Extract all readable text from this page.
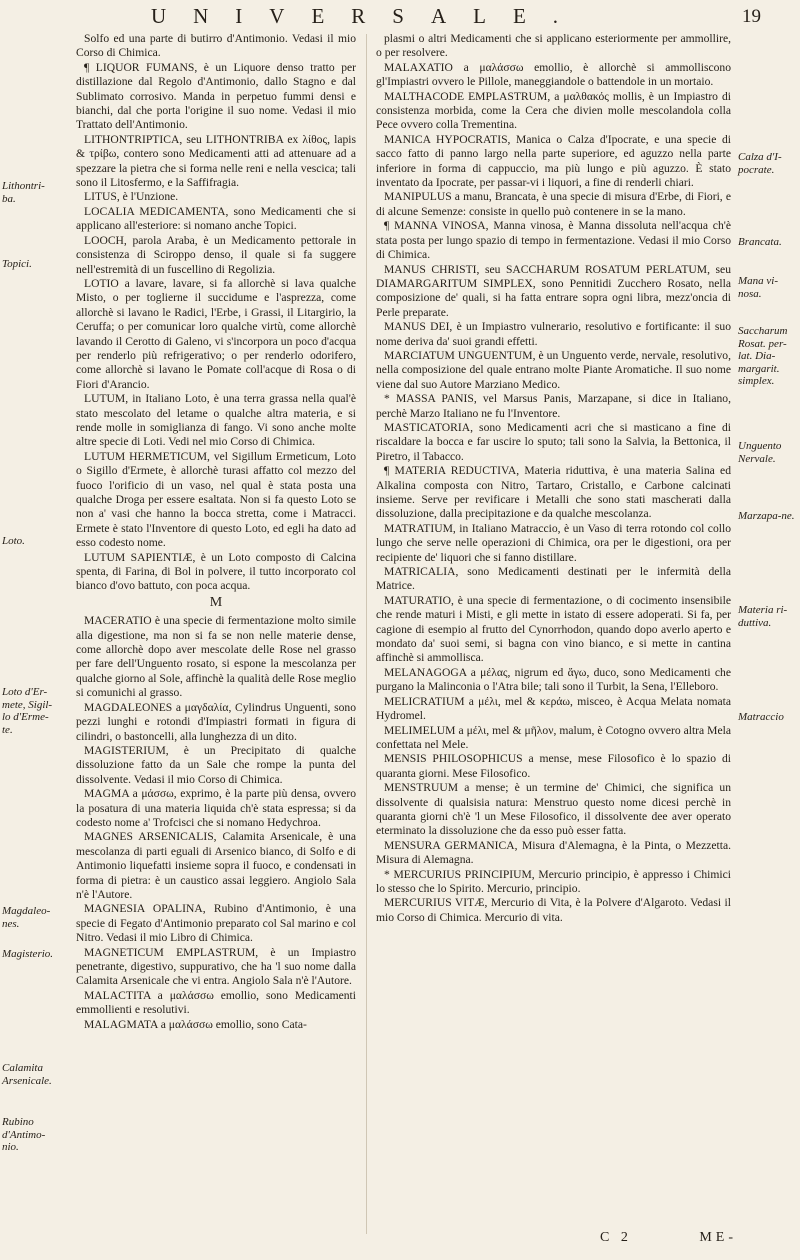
UNIVERSALE.	19
Lithontri-ba.
Topici.
Loto.
Loto d'Er-mete, Sigil-lo d'Erme-te.
Magdaleo-nes.
Magisterio.
Calamita Arsenicale.
Rubino d'Antimo-nio.
Calza d'I-pocrate.
Brancata.
Mana vi-nosa.
Saccharum Rosat. per-lat. Dia-margarit. simplex.
Unguento Nervale.
Marzapa-ne.
Materia ri-duttiva.
Matraccio

Solfo ed una parte di butirro d'Antimonio. Vedasi il mio Corso di Chimica.

¶ LIQUOR FUMANS, è un Liquore denso tratto per distillazione dal Regolo d'Antimonio, dallo Stagno e dal Sublimato corrosivo. Manda in perpetuo fummi densi e bianchi, dal che porta l'origine il suo nome. Vedasi il mio Trattato dell'Antimonio.

LITHONTRIPTICA, seu LITHONTRIBA ex λίθος, lapis & τρίβω, contero sono Medicamenti atti ad attenuare ad a spezzare la pietra che si forma nelle reni e nella vescica; tali sono il Litosfermo, e la Saffifragia.

LITUS, è l'Unzione.

LOCALIA MEDICAMENTA, sono Medicamenti che si applicano all'esteriore: si nomano anche Topici.

LOOCH, parola Araba, è un Medicamento pettorale in consistenza di Sciroppo denso, il quale si fa suggere nell'estremità di un fuscellino di Regolizia.

LOTIO a lavare, lavare, si fa allorchè si lava qualche Misto, o per toglierne il succidume e l'asprezza, come allorchè si lavano le Radici, l'Erbe, i Grassi, il Litargirio, la Ceruffa; o per comunicar loro qualche virtù, come allorchè lavando il Cerotto di Galeno, vi s'incorpora un poco d'acqua per renderlo più refrigerativo; o per renderlo odorifero, come allorchè si lavano le Pomate coll'acque di Rosa o di Fiori d'Arancio.

LUTUM, in Italiano Loto, è una terra grassa nella qual'è stato mescolato del letame o qualche altra materia, e si rende molle in somiglianza di fango. Vi sono anche molte altre specie di Loti. Vedi nel mio Corso di Chimica.

LUTUM HERMETICUM, vel Sigillum Ermeticum, Loto o Sigillo d'Ermete, è allorchè turasi affatto col mezzo del fuoco l'orificio di un vaso, nel qual è stata posta una qualche Droga per essere esaltata. Non si fa questo Loto se non a' vasi che hanno la bocca stretta, come i Matracci. Ermete è stato l'Inventore di questo Loto, ed egli ha dato ad esso codesto nome.

LUTUM SAPIENTIÆ, è un Loto composto di Calcina spenta, di Farina, di Bol in polvere, il tutto incorporato col bianco d'ovo battuto, con poca acqua.

M

MACERATIO è una specie di fermentazione molto simile alla digestione, ma non si fa se non nelle materie dense, come allorchè dopo aver mescolate delle Rose nel grasso per fare dell'Unguento rosato, si espone la mescolanza per qualche giorno al Sole, affinchè la qualità delle Rose meglio si comunichi al grasso.

MAGDALEONES a μαγδαλία, Cylindrus Unguenti, sono pezzi lunghi e rotondi d'Impiastri formati in figura di cilindri, o bastoncelli, alla lunghezza di un dito.

MAGISTERIUM, è un Precipitato di qualche dissoluzione fatto da un Sale che rompe la punta del dissolvente. Vedasi il mio Corso di Chimica.

MAGMA a μάσσω, exprimo, è la parte più densa, ovvero la posatura di una materia liquida ch'è stata espressa; si da codesto nome a' Trofcisci che si nomano Hedychroa.

MAGNES ARSENICALIS, Calamita Arsenicale, è una mescolanza di parti eguali di Arsenico bianco, di Solfo e di Antimonio liquefatti insieme sopra il fuoco, e condensati in forma di pietra: è un caustico assai leggiero. Angiolo Sala n'è l'Autore.

MAGNESIA OPALINA, Rubino d'Antimonio, è una specie di Fegato d'Antimonio preparato col Sal marino e col Nitro. Vedasi il mio Libro di Chimica.

MAGNETICUM EMPLASTRUM, è un Impiastro penetrante, digestivo, suppurativo, che ha 'l suo nome dalla Calamita Arsenicale che vi entra. Angiolo Sala n'è l'Autore.

MALACTITA a μαλάσσω emollio, sono Medicamenti emmollienti e resolutivi.

MALAGMATA a μαλάσσω emollio, sono Cata-

plasmi o altri Medicamenti che si applicano esteriormente per ammollire, o per resolvere.

MALAXATIO a μαλάσσω emollio, è allorchè si ammolliscono gl'Impiastri ovvero le Pillole, maneggiandole o battendole in un mortaio.

MALTHACODE EMPLASTRUM, a μαλθακός mollis, è un Impiastro di consistenza morbida, come la Cera che divien molle mescolandola colla Pece ovvero colla Trementina.

MANICA HYPOCRATIS, Manica o Calza d'Ipocrate, e una specie di sacco fatto di panno largo nella parte superiore, ed aguzzo nella parte inferiore in forma di cappuccio, ma più lungo e più aguzzo. È stato inventato da Ipocrate, per passar-vi i liquori, a fine di renderli chiari.

MANIPULUS a manu, Brancata, è una specie di misura d'Erbe, di Fiori, e di alcune Semenze: consiste in quello può contenere in se la mano.

¶ MANNA VINOSA, Manna vinosa, è Manna dissoluta nell'acqua ch'è stata posta per lungo spazio di tempo in fermentazione. Vedasi il mio Corso di Chimica.

MANUS CHRISTI, seu SACCHARUM ROSATUM PERLATUM, seu DIAMARGARITUM SIMPLEX, sono Pennitidi Zucchero Rosato, nella composizione de' quali, si ha fatta entrare sopra ogni libra, mezz'oncia di Perle preparate.

MANUS DEI, è un Impiastro vulnerario, resolutivo e fortificante: il suo nome deriva da' suoi grandi effetti.

MARCIATUM UNGUENTUM, è un Unguento verde, nervale, resolutivo, nella composizione del quale entrano molte Piante Aromatiche. Il suo nome viene dal suo Autore Marziano Medico.

* MASSA PANIS, vel Marsus Panis, Marzapane, si dice in Italiano, perchè Marzo Italiano ne fu l'Inventore.

MASTICATORIA, sono Medicamenti acri che si masticano a fine di riscaldare la bocca e far uscire lo sputo; tali sono la Salvia, la Bettonica, il Piretro, il Tabacco.

¶ MATERIA REDUCTIVA, Materia riduttiva, è una materia Salina ed Alkalina composta con Nitro, Tartaro, Cristallo, e Carbone calcinati insieme. Serve per revificare i Metalli che sono stati mascherati dalla dissoluzione, dalla precipitazione e da qualche mescolanza.

MATRATIUM, in Italiano Matraccio, è un Vaso di terra rotondo col collo lungo che serve nelle operazioni di Chimica, ora per le digestioni, ora per recipiente de' liquori che si fanno distillare.

MATRICALIA, sono Medicamenti destinati per le infermità della Matrice.

MATURATIO, è una specie di fermentazione, o di cocimento insensibile che rende maturi i Misti, e gli mette in istato di essere adoperati. Si fa, per cagione di esempio al frutto del Cynorrhodon, quando dopo averlo aperto e mondato da' suoi semi, si bagna con vino bianco, e si mette in cantina affinchè si ammollisca.

MELANAGOGA a μέλας, nigrum ed ἄγω, duco, sono Medicamenti che purgano la Malinconia o l'Atra bile; tali sono il Turbit, la Sena, l'Elleboro.

MELICRATIUM a μέλι, mel & κεράω, misceo, è Acqua Melata nomata Hydromel.

MELIMELUM a μέλι, mel & μῆλον, malum, è Cotogno ovvero altra Mela confettata nel Mele.

MENSIS PHILOSOPHICUS a mense, mese Filosofico è lo spazio di quaranta giorni. Mese Filosofico.

MENSTRUUM a mense; è un termine de' Chimici, che significa un dissolvente di qualsisia natura: Menstruo questo nome dicesi perchè in quaranta giorni ch'è 'l un Mese Filosofico, il dissolvente dee aver operato eterminato la dissoluzione che da esso può esser fatta.

MENSURA GERMANICA, Misura d'Alemagna, è la Pinta, o Mezzetta. Misura di Alemagna.

* MERCURIUS PRINCIPIUM, Mercurio principio, è appresso i Chimici lo stesso che lo Spirito. Mercurio, principio.

MERCURIUS VITÆ, Mercurio di Vita, è la Polvere d'Algaroto. Vedasi il mio Corso di Chimica. Mercurio di vita.

C 2	ME-
